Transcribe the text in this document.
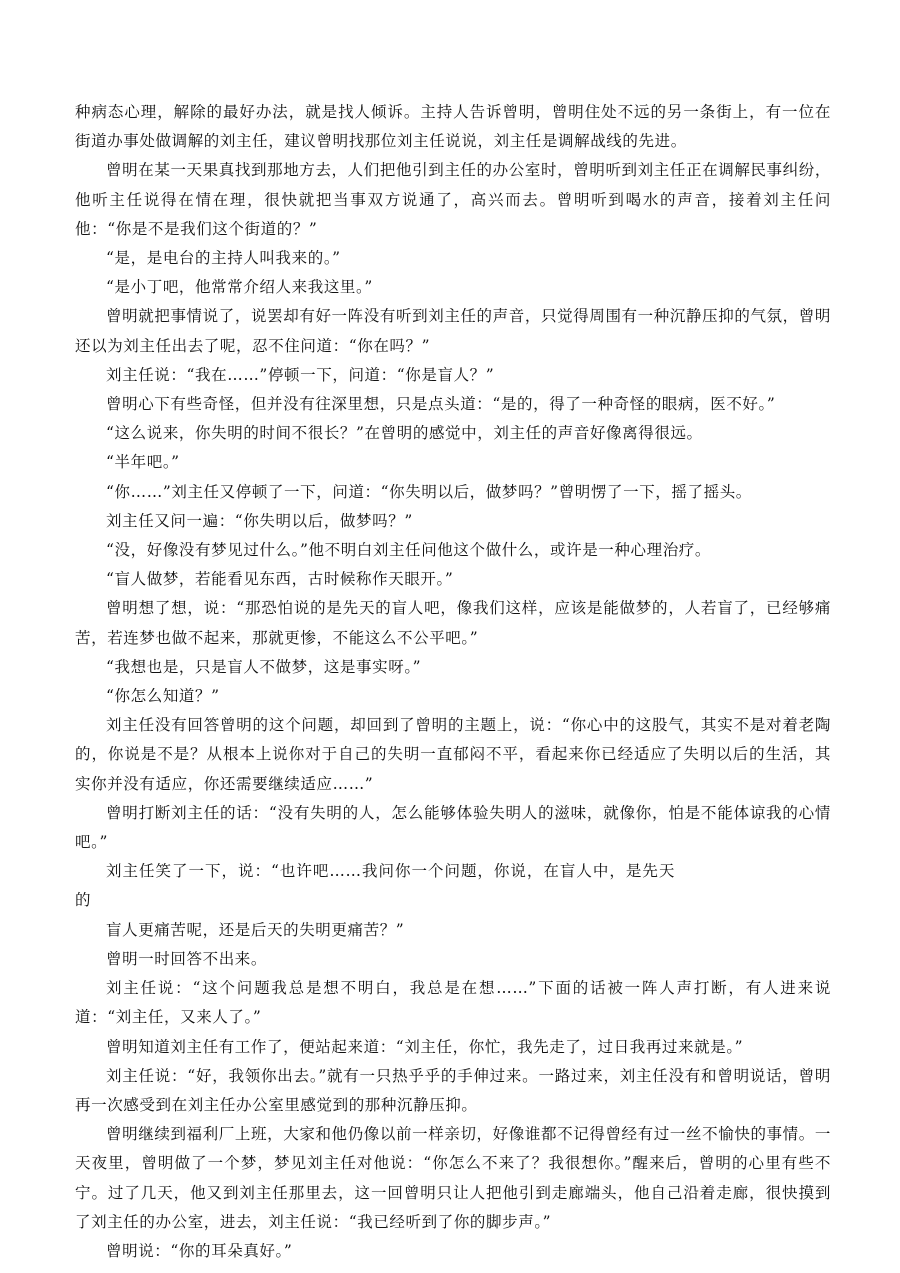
种病态心理，解除的最好办法，就是找人倾诉。主持人告诉曾明，曾明住处不远的另一条街上，有一位在街道办事处做调解的刘主任，建议曾明找那位刘主任说说，刘主任是调解战线的先进。

曾明在某一天果真找到那地方去，人们把他引到主任的办公室时，曾明听到刘主任正在调解民事纠纷，他听主任说得在情在理，很快就把当事双方说通了，高兴而去。曾明听到喝水的声音，接着刘主任问他：“你是不是我们这个街道的？”

“是，是电台的主持人叫我来的。”

“是小丁吧，他常常介绍人来我这里。”

曾明就把事情说了，说罢却有好一阵没有听到刘主任的声音，只觉得周围有一种沉静压抑的气氛，曾明还以为刘主任出去了呢，忍不住问道：“你在吗？”

刘主任说：“我在……”停顿一下，问道：“你是盲人？”

曾明心下有些奇怪，但并没有往深里想，只是点头道：“是的，得了一种奇怪的眼病，医不好。”

“这么说来，你失明的时间不很长？”在曾明的感觉中，刘主任的声音好像离得很远。

“半年吧。”

“你……”刘主任又停顿了一下，问道：“你失明以后，做梦吗？”曾明愣了一下，摇了摇头。

刘主任又问一遍：“你失明以后，做梦吗？”

“没，好像没有梦见过什么。”他不明白刘主任问他这个做什么，或许是一种心理治疗。

“盲人做梦，若能看见东西，古时候称作天眼开。”

曾明想了想，说：“那恐怕说的是先天的盲人吧，像我们这样，应该是能做梦的，人若盲了，已经够痛苦，若连梦也做不起来，那就更惨，不能这么不公平吧。”

“我想也是，只是盲人不做梦，这是事实呀。”

“你怎么知道？”

刘主任没有回答曾明的这个问题，却回到了曾明的主题上，说：“你心中的这股气，其实不是对着老陶的，你说是不是？从根本上说你对于自己的失明一直郁闷不平，看起来你已经适应了失明以后的生活，其实你并没有适应，你还需要继续适应……”

曾明打断刘主任的话：“没有失明的人，怎么能够体验失明人的滋味，就像你，怕是不能体谅我的心情吧。”

刘主任笑了一下，说：“也许吧……我问你一个问题，你说，在盲人中，是先天的

盲人更痛苦呢，还是后天的失明更痛苦？”

曾明一时回答不出来。

刘主任说：“这个问题我总是想不明白，我总是在想……”下面的话被一阵人声打断，有人进来说道：“刘主任，又来人了。”

曾明知道刘主任有工作了，便站起来道：“刘主任，你忙，我先走了，过日我再过来就是。”

刘主任说：“好，我领你出去。”就有一只热乎乎的手伸过来。一路过来，刘主任没有和曾明说话，曾明再一次感受到在刘主任办公室里感觉到的那种沉静压抑。

曾明继续到福利厂上班，大家和他仍像以前一样亲切，好像谁都不记得曾经有过一丝不愉快的事情。一天夜里，曾明做了一个梦，梦见刘主任对他说：“你怎么不来了？我很想你。”醒来后，曾明的心里有些不宁。过了几天，他又到刘主任那里去，这一回曾明只让人把他引到走廊端头，他自己沿着走廊，很快摸到了刘主任的办公室，进去，刘主任说：“我已经听到了你的脚步声。”

曾明说：“你的耳朵真好。”
